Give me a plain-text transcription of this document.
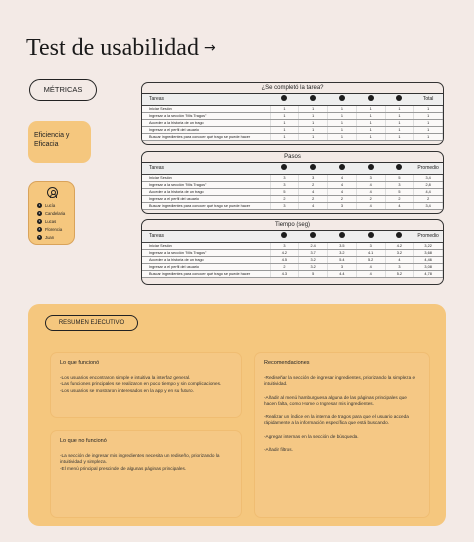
Test de usabilidad →
MÉTRICAS
Eficiencia y Eficacia
1	Lucía
2	Candelaria
3	Lucas
4	Florencia
5	Juan
¿Se completó la tarea?
Tareas						Total
Iniciar Sesión	1	1	1	1	1	1
Ingresar a la sección "Mis Tragos"	1	1	1	1	1	1
Acceder a la historia de un trago	1	1	1	1	1	1
Ingresar a el perfil del usuario	1	1	1	1	1	1
Buscar ingredientes para conocer qué trago se puede hacer	1	1	1	1	1	1
Pasos
Tareas						Promedio
Iniciar Sesión	3	3	4	3	5	3,4
Ingresar a la sección "Mis Tragos"	3	2	4	4	3	2,8
Acceder a la historia de un trago	5	4	4	4	5	4,4
Ingresar a el perfil del usuario	2	2	2	2	2	2
Buscar ingredientes para conocer qué trago se puede hacer	3	4	3	4	4	3,4
Tiempo (seg)
Tareas						Promedio
Iniciar Sesión	3	2.4	3.5	3	4.2	3,22
Ingresar a la sección "Mis Tragos"	4.2	3.7	3.2	4.1	3.2	3,68
Acceder a la historia de un trago	4.5	3.2	5.4	5.2	4	4,46
Ingresar a el perfil del usuario	2	3.2	3	4	3	3,08
Buscar ingredientes para conocer qué trago se puede hacer	4.3	5	4.4	4	5.2	4,78
RESUMEN EJECUTIVO
Lo que funcionó

-Los usuarios encontraron simple e intuitiva la interfaz general.

-Las funciones principales se realizaron en poco tiempo y sin complicaciones.

-Los usuarios se mostraron interesados en la app y en su futuro.

Lo que no funcionó

-La sección de ingresar mis ingredientes necesita un rediseño, priorizando la intuitividad y simpleza.

-El menú principal prescinde de algunas páginas principales.

Recomendaciones

-Rediseñar la sección de ingresar ingredientes, priorizando la simpleza e intuitividad.

-Añadir al menú hamburguesa alguna de las páginas principales que hacen falta, como Home o Ingresar mis ingredientes.

-Realizar un índice en la interna de tragos para que el usuario acceda rápidamente a la información específica que está buscando.

-Agregar internas en la sección de búsqueda.

-Añadir filtros.
